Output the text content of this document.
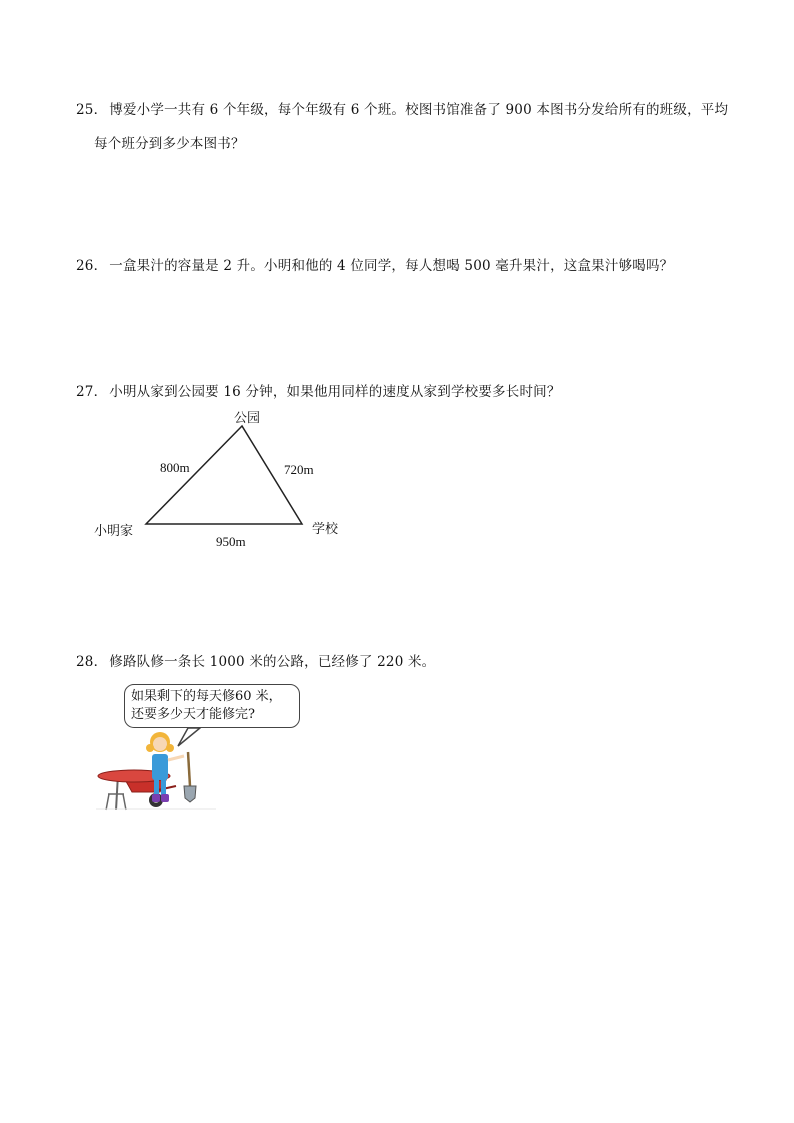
25． 博爱小学一共有 6 个年级，每个年级有 6 个班。校图书馆准备了 900 本图书分发给所有的班级，平均
每个班分到多少本图书？
26． 一盒果汁的容量是 2 升。小明和他的 4 位同学，每人想喝 500 毫升果汁，这盒果汁够喝吗？
27． 小明从家到公园要 16 分钟，如果他用同样的速度从家到学校要多长时间？
公园
小明家	学校
800m	720m
950m
28． 修路队修一条长 1000 米的公路，已经修了 220 米。
如果剩下的每天修60 米，
还要多少天才能修完?
